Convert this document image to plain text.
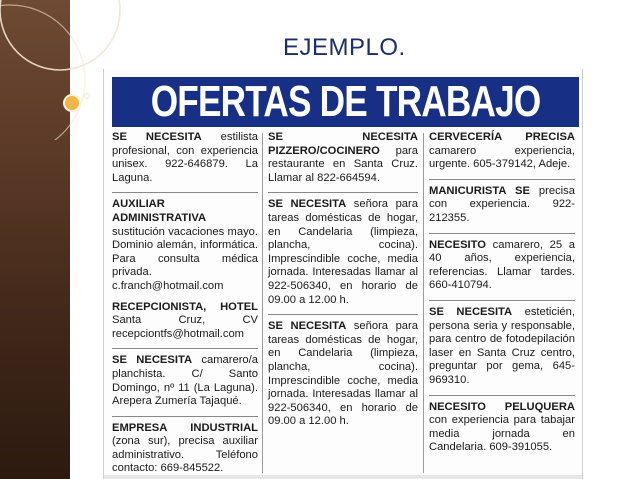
EJEMPLO.
OFERTAS DE TRABAJO

SE NECESITA estilista profesional, con experiencia unisex. 922-646879. La Laguna.

AUXILIAR ADMINISTRATIVA sustitución vacaciones mayo. Dominio alemán, informática. Para consulta médica privada. c.franch@hotmail.com

RECEPCIONISTA, HOTEL Santa Cruz, CV recepciontfs@hotmail.com

SE NECESITA camarero/a planchista. C/ Santo Domingo, nº 11 (La Laguna). Arepera Zumería Tajaqué.

EMPRESA INDUSTRIAL (zona sur), precisa auxiliar administrativo. Teléfono contacto: 669-845522.

SE NECESITA PIZZERO/COCINERO para restaurante en Santa Cruz. Llamar al 822-664594.

SE NECESITA señora para tareas domésticas de hogar, en Candelaria (limpieza, plancha, cocina). Imprescindible coche, media jornada. Interesadas llamar al 922-506340, en horario de 09.00 a 12.00 h.

SE NECESITA señora para tareas domésticas de hogar, en Candelaria (limpieza, plancha, cocina). Imprescindible coche, media jornada. Interesadas llamar al 922-506340, en horario de 09.00 a 12.00 h.

CERVECERÍA PRECISA camarero experiencia, urgente. 605-379142, Adeje.

MANICURISTA SE precisa con experiencia. 922-212355.

NECESITO camarero, 25 a 40 años, experiencia, referencias. Llamar tardes. 660-410794.

SE NECESITA esteticién, persona seria y responsable, para centro de fotodepilación laser en Santa Cruz centro, preguntar por gema, 645-969310.

NECESITO PELUQUERA con experiencia para tabajar media jornada en Candelaria. 609-391055.
